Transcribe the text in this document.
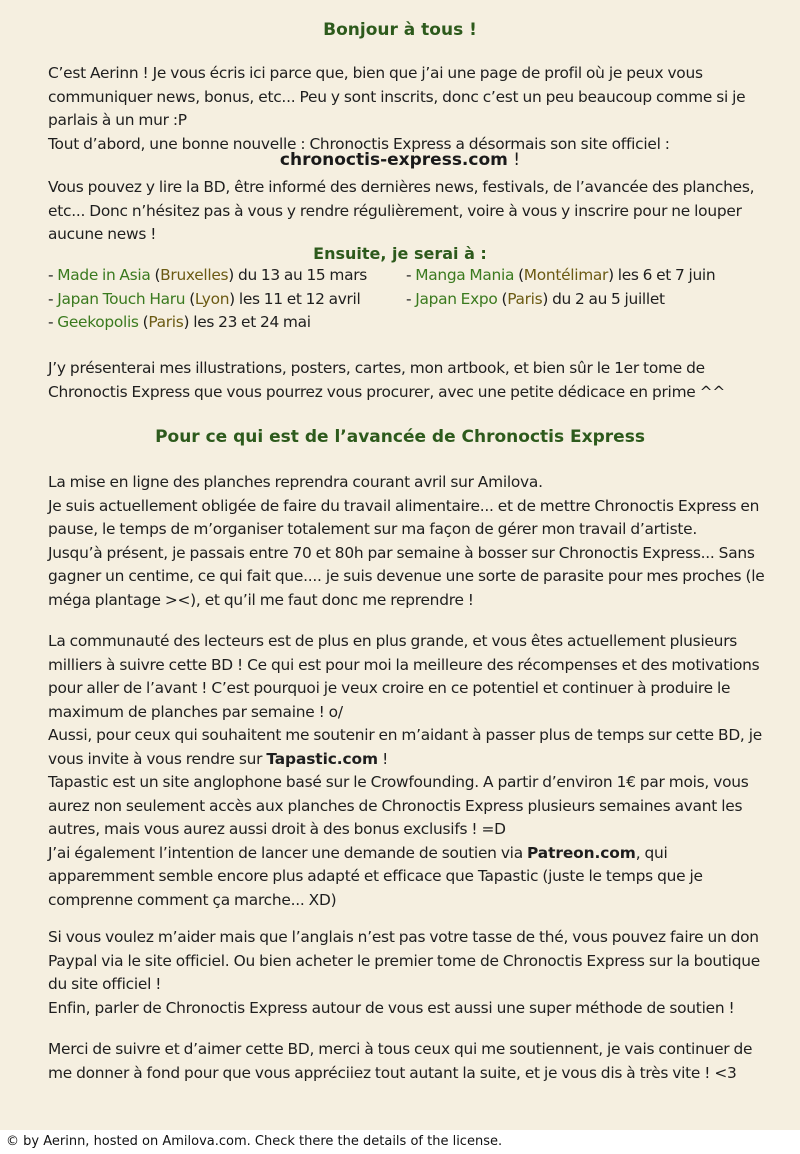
Bonjour à tous !
C’est Aerinn ! Je vous écris ici parce que, bien que j’ai une page de profil où je peux vous communiquer news, bonus, etc... Peu y sont inscrits, donc c’est un peu beaucoup comme si je parlais à un mur :P
Tout d’abord, une bonne nouvelle : Chronoctis Express a désormais son site officiel :
chronoctis-express.com !
Vous pouvez y lire la BD, être informé des dernières news, festivals, de l’avancée des planches, etc... Donc n’hésitez pas à vous y rendre régulièrement, voire à vous y inscrire pour ne louper aucune news !
Ensuite, je serai à :
- Made in Asia (Bruxelles) du 13 au 15 mars
- Japan Touch Haru (Lyon) les 11 et 12 avril
- Geekopolis (Paris) les 23 et 24 mai
- Manga Mania (Montélimar) les 6 et 7 juin
- Japan Expo (Paris) du 2 au 5 juillet
J’y présenterai mes illustrations, posters, cartes, mon artbook, et bien sûr le 1er tome de Chronoctis Express que vous pourrez vous procurer, avec une petite dédicace en prime ^^
Pour ce qui est de l’avancée de Chronoctis Express
La mise en ligne des planches reprendra courant avril sur Amilova.
Je suis actuellement obligée de faire du travail alimentaire... et de mettre Chronoctis Express en pause, le temps de m’organiser totalement sur ma façon de gérer mon travail d’artiste.
Jusqu’à présent, je passais entre 70 et 80h par semaine à bosser sur Chronoctis Express... Sans gagner un centime, ce qui fait que.... je suis devenue une sorte de parasite pour mes proches (le méga plantage ><), et qu’il me faut donc me reprendre !
La communauté des lecteurs est de plus en plus grande, et vous êtes actuellement plusieurs milliers à suivre cette BD ! Ce qui est pour moi la meilleure des récompenses et des motivations pour aller de l’avant ! C’est pourquoi je veux croire en ce potentiel et continuer à produire le maximum de planches par semaine ! o/
Aussi, pour ceux qui souhaitent me soutenir en m’aidant à passer plus de temps sur cette BD, je vous invite à vous rendre sur Tapastic.com !
Tapastic est un site anglophone basé sur le Crowfounding. A partir d’environ 1€ par mois, vous aurez non seulement accès aux planches de Chronoctis Express plusieurs semaines avant les autres, mais vous aurez aussi droit à des bonus exclusifs ! =D
J’ai également l’intention de lancer une demande de soutien via Patreon.com, qui apparemment semble encore plus adapté et efficace que Tapastic (juste le temps que je comprenne comment ça marche... XD)
Si vous voulez m’aider mais que l’anglais n’est pas votre tasse de thé, vous pouvez faire un don Paypal via le site officiel. Ou bien acheter le premier tome de Chronoctis Express sur la boutique du site officiel !
Enfin, parler de Chronoctis Express autour de vous est aussi une super méthode de soutien !
Merci de suivre et d’aimer cette BD, merci à tous ceux qui me soutiennent, je vais continuer de me donner à fond pour que vous appréciiez tout autant la suite, et je vous dis à très vite ! <3
© by Aerinn, hosted on Amilova.com. Check there the details of the license.
